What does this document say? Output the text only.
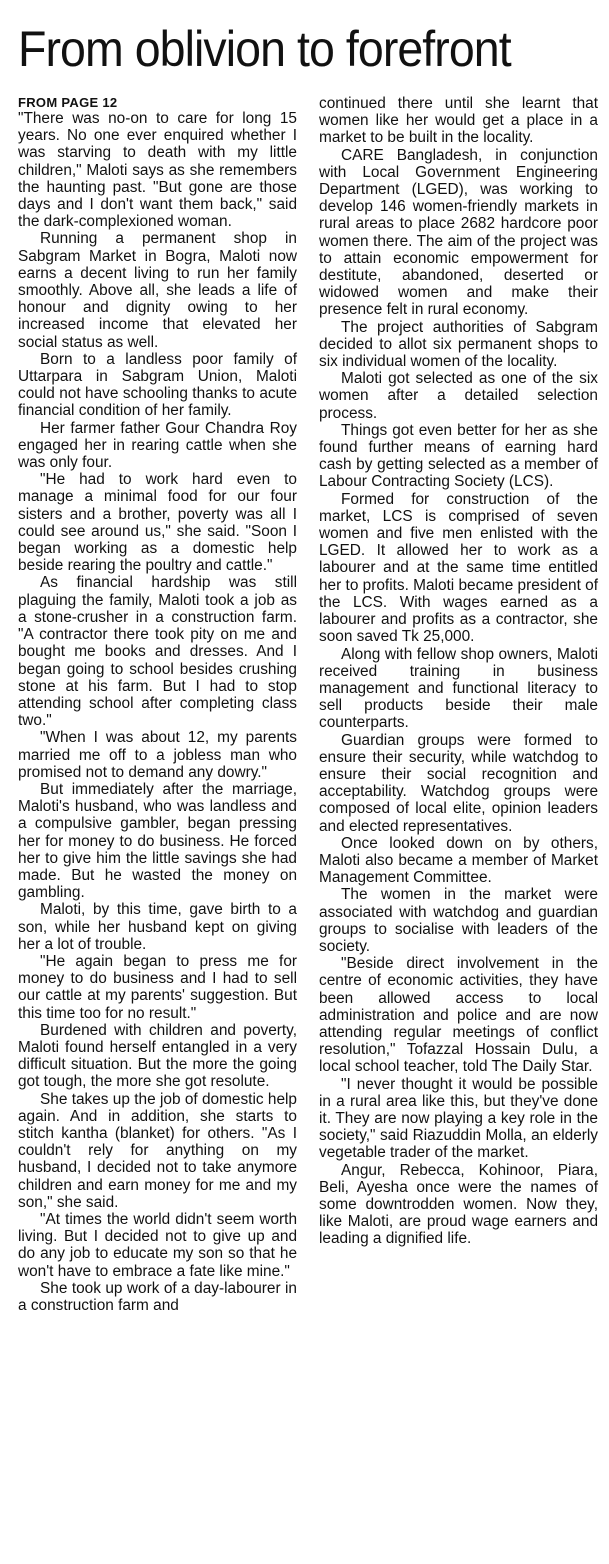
From oblivion to forefront

FROM PAGE 12
"There was no-on to care for long 15 years. No one ever enquired whether I was starving to death with my little children," Maloti says as she remembers the haunting past. "But gone are those days and I don't want them back," said the dark-complexioned woman.

Running a permanent shop in Sabgram Market in Bogra, Maloti now earns a decent living to run her family smoothly. Above all, she leads a life of honour and dignity owing to her increased income that elevated her social status as well.

Born to a landless poor family of Uttarpara in Sabgram Union, Maloti could not have schooling thanks to acute financial condition of her family.

Her farmer father Gour Chandra Roy engaged her in rearing cattle when she was only four.

"He had to work hard even to manage a minimal food for our four sisters and a brother, poverty was all I could see around us," she said. "Soon I began working as a domestic help beside rearing the poultry and cattle."

As financial hardship was still plaguing the family, Maloti took a job as a stone-crusher in a construction farm. "A contractor there took pity on me and bought me books and dresses. And I began going to school besides crushing stone at his farm. But I had to stop attending school after completing class two."

"When I was about 12, my parents married me off to a jobless man who promised not to demand any dowry."

But immediately after the marriage, Maloti's husband, who was landless and a compulsive gambler, began pressing her for money to do business. He forced her to give him the little savings she had made. But he wasted the money on gambling.

Maloti, by this time, gave birth to a son, while her husband kept on giving her a lot of trouble.

"He again began to press me for money to do business and I had to sell our cattle at my parents' suggestion. But this time too for no result."

Burdened with children and poverty, Maloti found herself entangled in a very difficult situation. But the more the going got tough, the more she got resolute.

She takes up the job of domestic help again. And in addition, she starts to stitch kantha (blanket) for others. "As I couldn't rely for anything on my husband, I decided not to take anymore children and earn money for me and my son," she said.

"At times the world didn't seem worth living. But I decided not to give up and do any job to educate my son so that he won't have to embrace a fate like mine."

She took up work of a day-labourer in a construction farm and

continued there until she learnt that women like her would get a place in a market to be built in the locality.

CARE Bangladesh, in conjunction with Local Government Engineering Department (LGED), was working to develop 146 women-friendly markets in rural areas to place 2682 hardcore poor women there. The aim of the project was to attain economic empowerment for destitute, abandoned, deserted or widowed women and make their presence felt in rural economy.

The project authorities of Sabgram decided to allot six permanent shops to six individual women of the locality.

Maloti got selected as one of the six women after a detailed selection process.

Things got even better for her as she found further means of earning hard cash by getting selected as a member of Labour Contracting Society (LCS).

Formed for construction of the market, LCS is comprised of seven women and five men enlisted with the LGED. It allowed her to work as a labourer and at the same time entitled her to profits. Maloti became president of the LCS. With wages earned as a labourer and profits as a contractor, she soon saved Tk 25,000.

Along with fellow shop owners, Maloti received training in business management and functional literacy to sell products beside their male counterparts.

Guardian groups were formed to ensure their security, while watchdog to ensure their social recognition and acceptability. Watchdog groups were composed of local elite, opinion leaders and elected representatives.

Once looked down on by others, Maloti also became a member of Market Management Committee.

The women in the market were associated with watchdog and guardian groups to socialise with leaders of the society.

"Beside direct involvement in the centre of economic activities, they have been allowed access to local administration and police and are now attending regular meetings of conflict resolution," Tofazzal Hossain Dulu, a local school teacher, told The Daily Star.

"I never thought it would be possible in a rural area like this, but they've done it. They are now playing a key role in the society," said Riazuddin Molla, an elderly vegetable trader of the market.

Angur, Rebecca, Kohinoor, Piara, Beli, Ayesha once were the names of some downtrodden women. Now they, like Maloti, are proud wage earners and leading a dignified life.
